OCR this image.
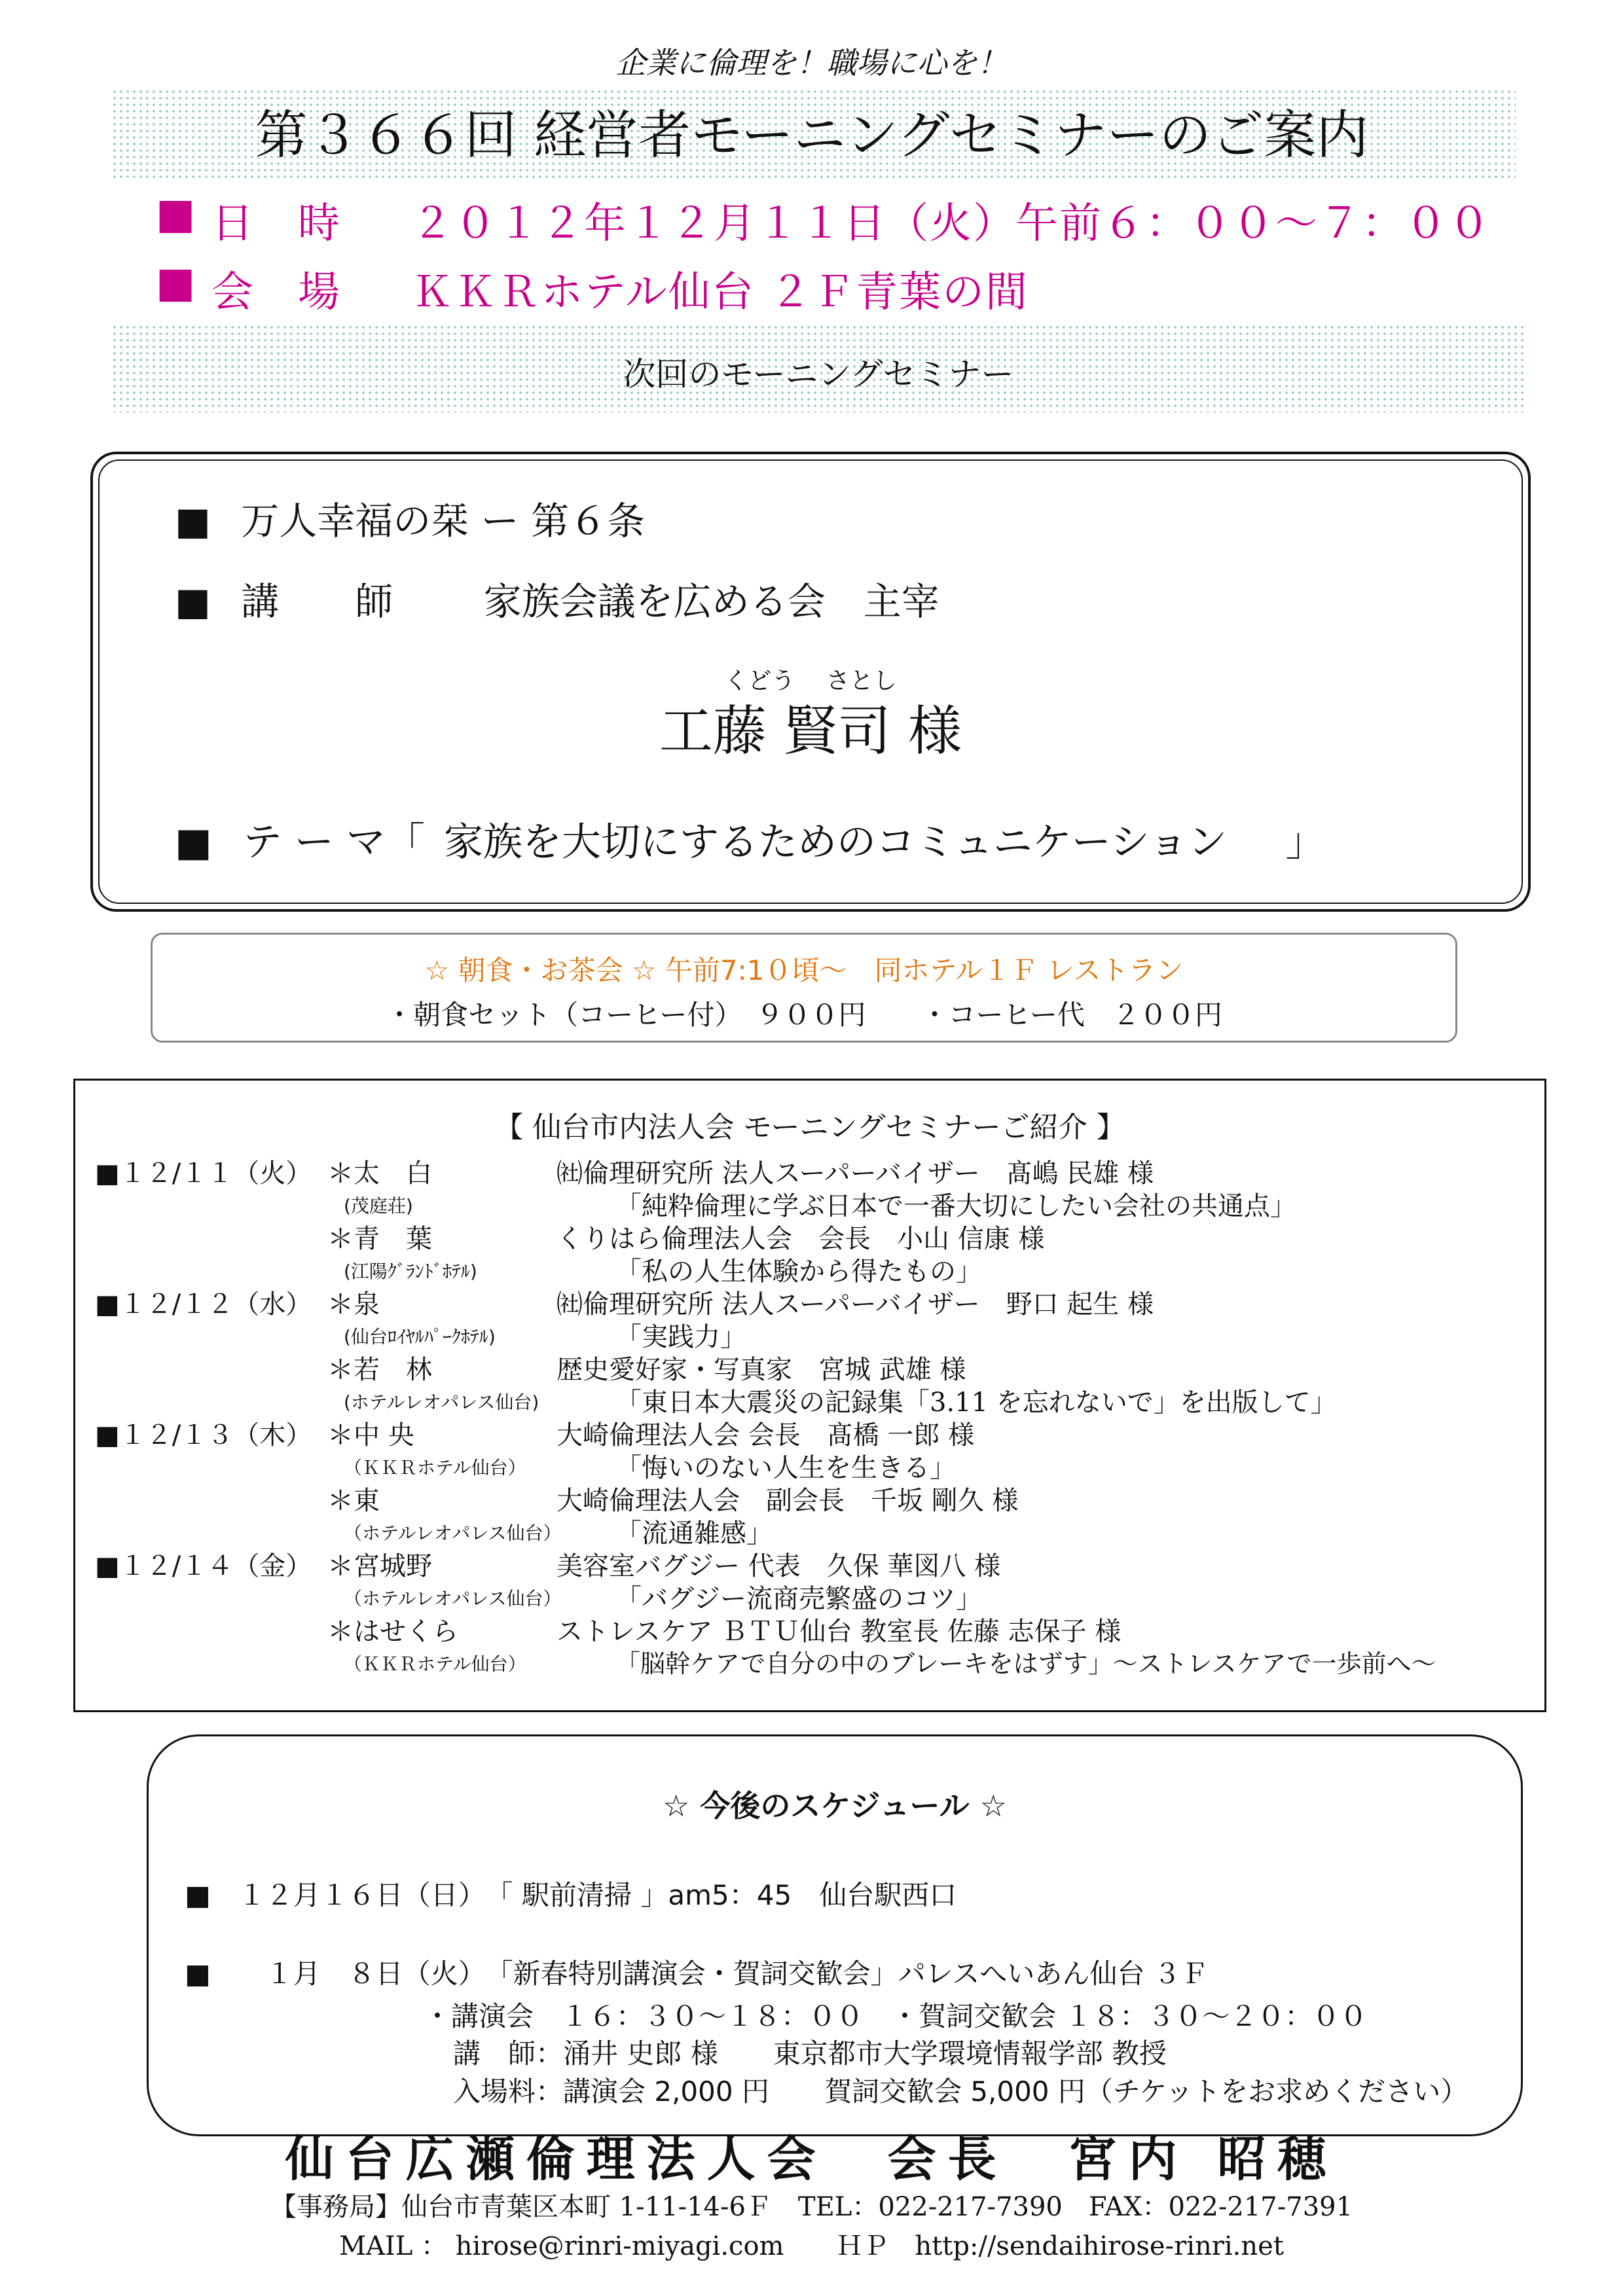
企業に倫理を！職場に心を！
第３６６回 経営者モーニングセミナーのご案内
■ 日　時 ２０１２年１２月１１日（火）午前６：００～７：００
■ 会　場 ＫＫＲホテル仙台 ２Ｆ青葉の間
次回のモーニングセミナー
■ 万人幸福の栞 ー 第６条
■ 講　　師 家族会議を広める会　主宰
くどう　 さとし
工藤 賢司 様
■ テ ー マ「 家族を大切にするためのコミュニケーション 」
☆ 朝食・お茶会 ☆ 午前7:1０頃～　同ホテル１Ｆ レストラン
・朝食セット（コーヒー付）　９００円　　・コーヒー代　２００円
【 仙台市内法人会 モーニングセミナーご紹介 】
■１２/１１（火） ＊太　白	㈳倫理研究所 法人スーパーバイザー　髙嶋 民雄 様
(茂庭荘)	「純粋倫理に学ぶ日本で一番大切にしたい会社の共通点」
＊青　葉	くりはら倫理法人会　会長　小山 信康 様
(江陽ｸﾞﾗﾝﾄﾞﾎﾃﾙ)	「私の人生体験から得たもの」
■１２/１２（水） ＊泉	㈳倫理研究所 法人スーパーバイザー　野口 起生 様
(仙台ﾛｲﾔﾙﾊﾟｰｸﾎﾃﾙ)	「実践力」
＊若　林	歴史愛好家・写真家　宮城 武雄 様
(ホテルレオパレス仙台)	「東日本大震災の記録集「3.11 を忘れないで」を出版して」
■１２/１３（木） ＊中 央	大崎倫理法人会 会長　髙橋 一郎 様
（ＫＫＲホテル仙台）	「悔いのない人生を生きる」
＊東	大崎倫理法人会　副会長　千坂 剛久 様
（ホテルレオパレス仙台） 「流通雑感」
■１２/１４（金） ＊宮城野	美容室バグジー 代表　久保 華図八 様
（ホテルレオパレス仙台） 「バグジー流商売繁盛のコツ」
＊はせくら	ストレスケア ＢＴＵ仙台 教室長 佐藤 志保子 様
（ＫＫＲホテル仙台）	「脳幹ケアで自分の中のブレーキをはずす」～ストレスケアで一歩前へ～
☆ 今後のスケジュール ☆
■　１２月１６日（日）　「 駅前清掃 」am5：45　仙台駅西口
■　　１月　８日（火）　「新春特別講演会・賀詞交歓会」パレスへいあん仙台 ３Ｆ
・講演会　１６：３０～１８：００　・賀詞交歓会 １８：３０～２０：００
講　師：涌井 史郎 様　　東京都市大学環境情報学部 教授
入場料：講演会 2,000 円　　賀詞交歓会 5,000 円（チケットをお求めください）
仙台広瀬倫理法人会　会長　宮内 昭穂
【事務局】仙台市青葉区本町 1-11-14-6Ｆ　TEL：022-217-7390　FAX：022-217-7391
MAIL ： hirose@rinri-miyagi.com　　ＨＰ　http://sendaihirose-rinri.net
